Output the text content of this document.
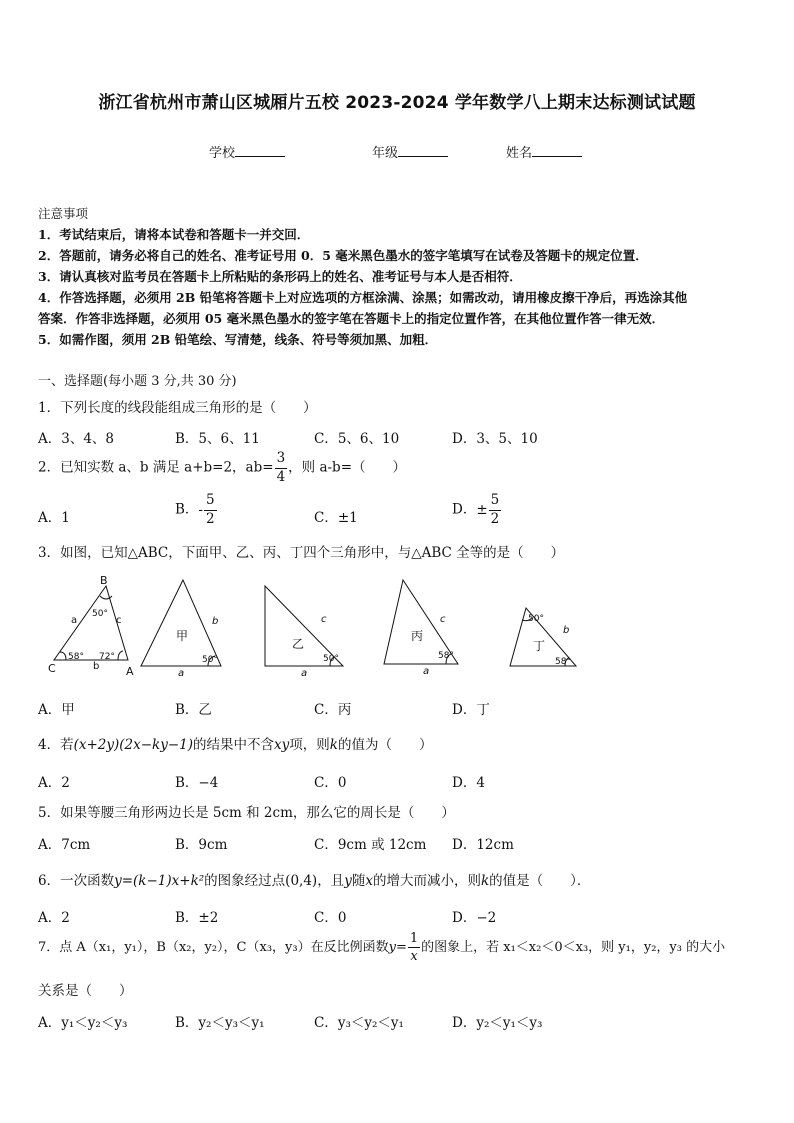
浙江省杭州市萧山区城厢片五校 2023-2024 学年数学八上期末达标测试试题
学校	年级	姓名
注意事项
1．考试结束后，请将本试卷和答题卡一并交回．
2．答题前，请务必将自己的姓名、准考证号用 0．5 毫米黑色墨水的签字笔填写在试卷及答题卡的规定位置．
3．请认真核对监考员在答题卡上所粘贴的条形码上的姓名、准考证号与本人是否相符．
4．作答选择题，必须用 2B 铅笔将答题卡上对应选项的方框涂满、涂黑；如需改动，请用橡皮擦干净后，再选涂其他
答案．作答非选择题，必须用 05 毫米黑色墨水的签字笔在答题卡上的指定位置作答，在其他位置作答一律无效．
5．如需作图，须用 2B 铅笔绘、写清楚，线条、符号等须加黑、加粗．
一、选择题(每小题 3 分,共 30 分)
1．下列长度的线段能组成三角形的是（　　）
A．3、4、8	B．5、6、11	C．5、6、10	D．3、5、10
2．已知实数 a、b 满足 a+b=2，$ab= \frac{3}{4}$ ，则 a-b=（　　）
A．1
B．- $\frac{5}{2}$	C．±1
D．± $\frac{5}{2}$
3．如图，已知△ABC，下面甲、乙、丙、丁四个三角形中，与△ABC 全等的是（　　）
B
C	A
a	c
b
50°
58° 72°
甲
b
a
50°
乙
c
a
50°
丙
c
a
58°
丁
b
50°
58°
A．甲	B．乙	C．丙	D．丁
4．若(x+2y)(2x−ky−1)的结果中不含xy项，则k的值为（　　）
A．2	B．−4	C．0	D．4
5．如果等腰三角形两边长是 5cm 和 2cm，那么它的周长是（　　）
A．7cm	B．9cm	C．9cm 或 12cm D．12cm
6．一次函数y=(k−1)x+k²的图象经过点(0,4)，且y随x的增大而减小，则k的值是（　　）．
A．2	B．±2	C．0	D．−2
7．点 A（x₁，y₁），B（x₂，y₂），C（x₃，y₃）在反比例函数$y= \frac{1}{x}$ 的图象上，若 x₁＜x₂＜0＜x₃，则 y₁，y₂，y₃ 的大小
关系是（　　）
A．y₁＜y₂＜y₃	B．y₂＜y₃＜y₁	C．y₃＜y₂＜y₁	D．y₂＜y₁＜y₃
